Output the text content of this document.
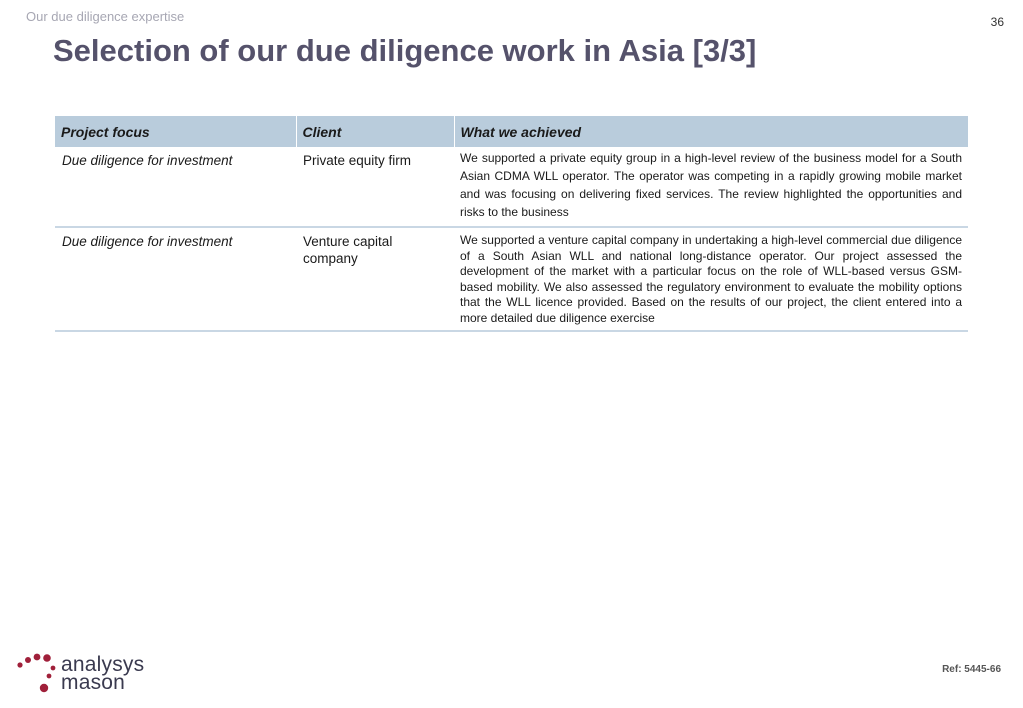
Our due diligence expertise	36
Selection of our due diligence work in Asia [3/3]
Project focus	Client	What we achieved
Due diligence for investment	Private equity firm	We supported a private equity group in a high-level review of the business model for a South Asian CDMA WLL operator. The operator was competing in a rapidly growing mobile market and was focusing on delivering fixed services. The review highlighted the opportunities and risks to the business
Due diligence for investment	Venture capital company	We supported a venture capital company in undertaking a high-level commercial due diligence of a South Asian WLL and national long-distance operator. Our project assessed the development of the market with a particular focus on the role of WLL-based versus GSM-based mobility. We also assessed the regulatory environment to evaluate the mobility options that the WLL licence provided. Based on the results of our project, the client entered into a more detailed due diligence exercise
analysys
mason
Ref: 5445-66
